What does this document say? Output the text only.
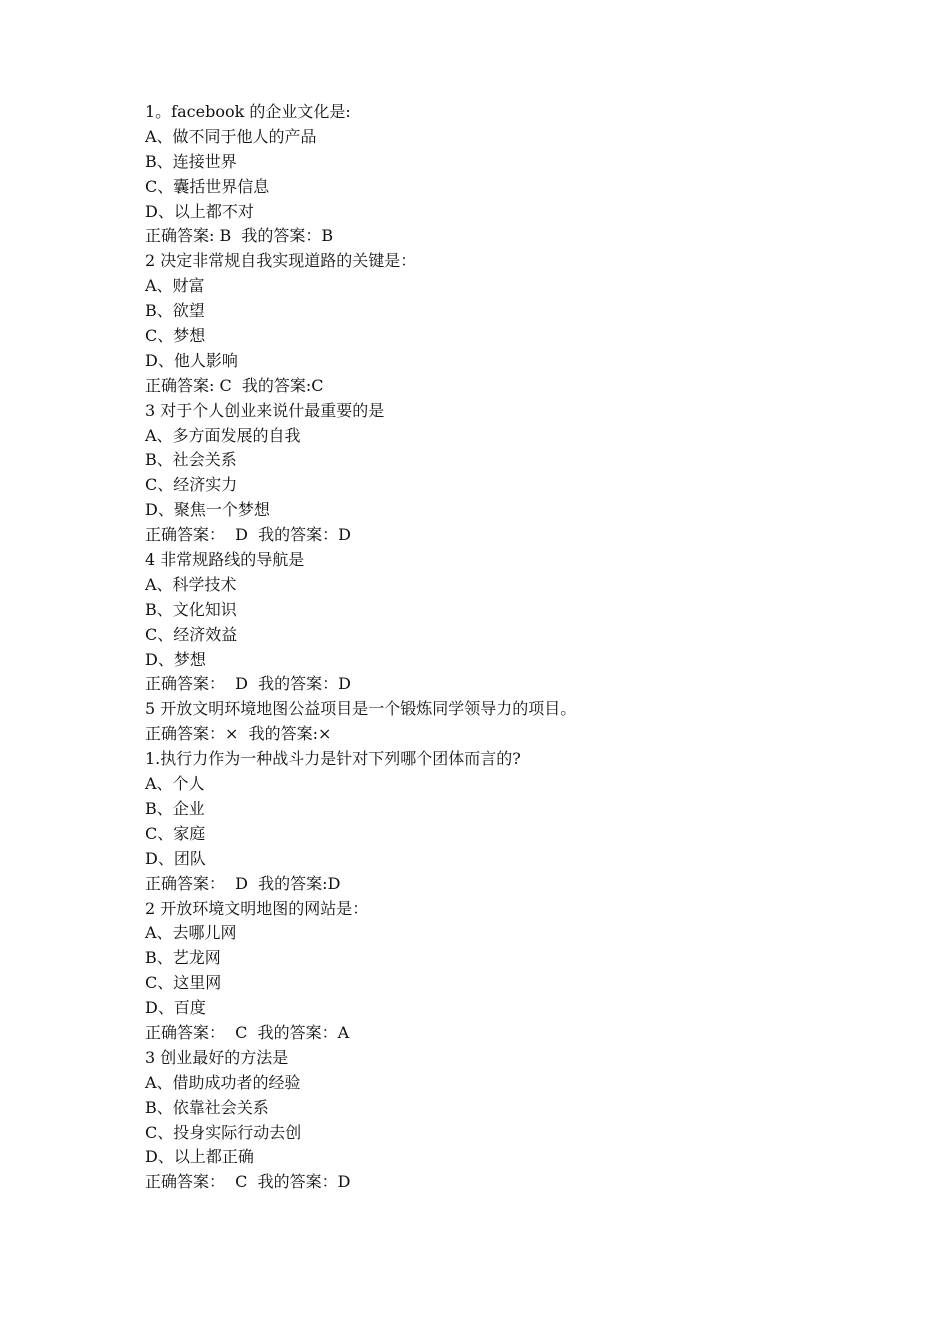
1。facebook 的企业文化是:
A、做不同于他人的产品
B、连接世界
C、囊括世界信息
D、以上都不对
正确答案: B  我的答案：B
2 决定非常规自我实现道路的关键是：
A、财富
B、欲望
C、梦想
D、他人影响
正确答案: C  我的答案:C
3 对于个人创业来说什最重要的是
A、多方面发展的自我
B、社会关系
C、经济实力
D、聚焦一个梦想
正确答案：  D  我的答案：D
4 非常规路线的导航是
A、科学技术
B、文化知识
C、经济效益
D、梦想
正确答案：  D  我的答案：D
5 开放文明环境地图公益项目是一个锻炼同学领导力的项目。
正确答案：×  我的答案:×
1.执行力作为一种战斗力是针对下列哪个团体而言的?
A、个人
B、企业
C、家庭
D、团队
正确答案：  D  我的答案:D
2 开放环境文明地图的网站是：
A、去哪儿网
B、艺龙网
C、这里网
D、百度
正确答案：  C  我的答案：A
3 创业最好的方法是
A、借助成功者的经验
B、依靠社会关系
C、投身实际行动去创
D、以上都正确
正确答案：  C  我的答案：D
